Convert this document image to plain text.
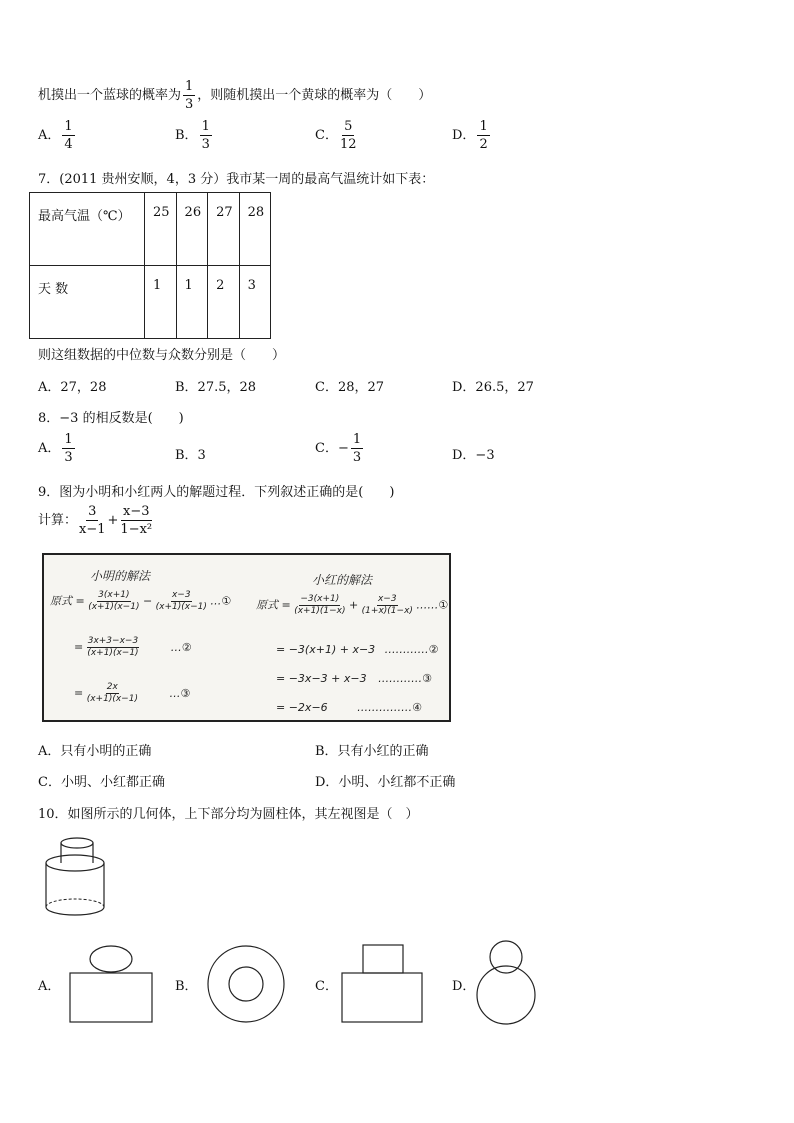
机摸出一个蓝球的概率为 $\frac{1}{3}$ ，则随机摸出一个黄球的概率为（　　）
A． $\frac{1}{4}$	B． $\frac{1}{3}$	C． $\frac{5}{12}$	D． $\frac{1}{2}$
7．(2011 贵州安顺，4，3 分）我市某一周的最高气温统计如下表：
最高气温（℃）	25	26	27	28
天 数	1	1	2	3
则这组数据的中位数与众数分别是（　　）
A．27，28	B．27.5，28	C．28，27	D．26.5，27
8．−3 的相反数是(　　)
A． $\frac{1}{3}$	B．3	C．− $\frac{1}{3}$	D．−3
9．图为小明和小红两人的解题过程．下列叙述正确的是(　　)
计算： $\frac{3}{x-1} + \frac{x-3}{\text{1−x²}}$
小明的解法
原式 = $\frac{3(x+1)}{(x+1)(x-1)} - \frac{x-3}{(x+1)(x-1)}$ …①
= $\frac{3x+3-x-3}{(x+1)(x-1)}$	…②
= $\frac{2x}{(x+1)(x-1)}$	…③
小红的解法
原式 = $\frac{-3(x+1)}{(x+1)(1-x)} + \frac{x-3}{(1+x)(1-x)}$ ……①
= −3(x+1) + x−3 …………②
= −3x−3 + x−3 …………③
= −2x−6	……………④
A．只有小明的正确	B．只有小红的正确
C．小明、小红都正确	D．小明、小红都不正确
10．如图所示的几何体，上下部分均为圆柱体，其左视图是（　）
A．	B．	C．	D．
